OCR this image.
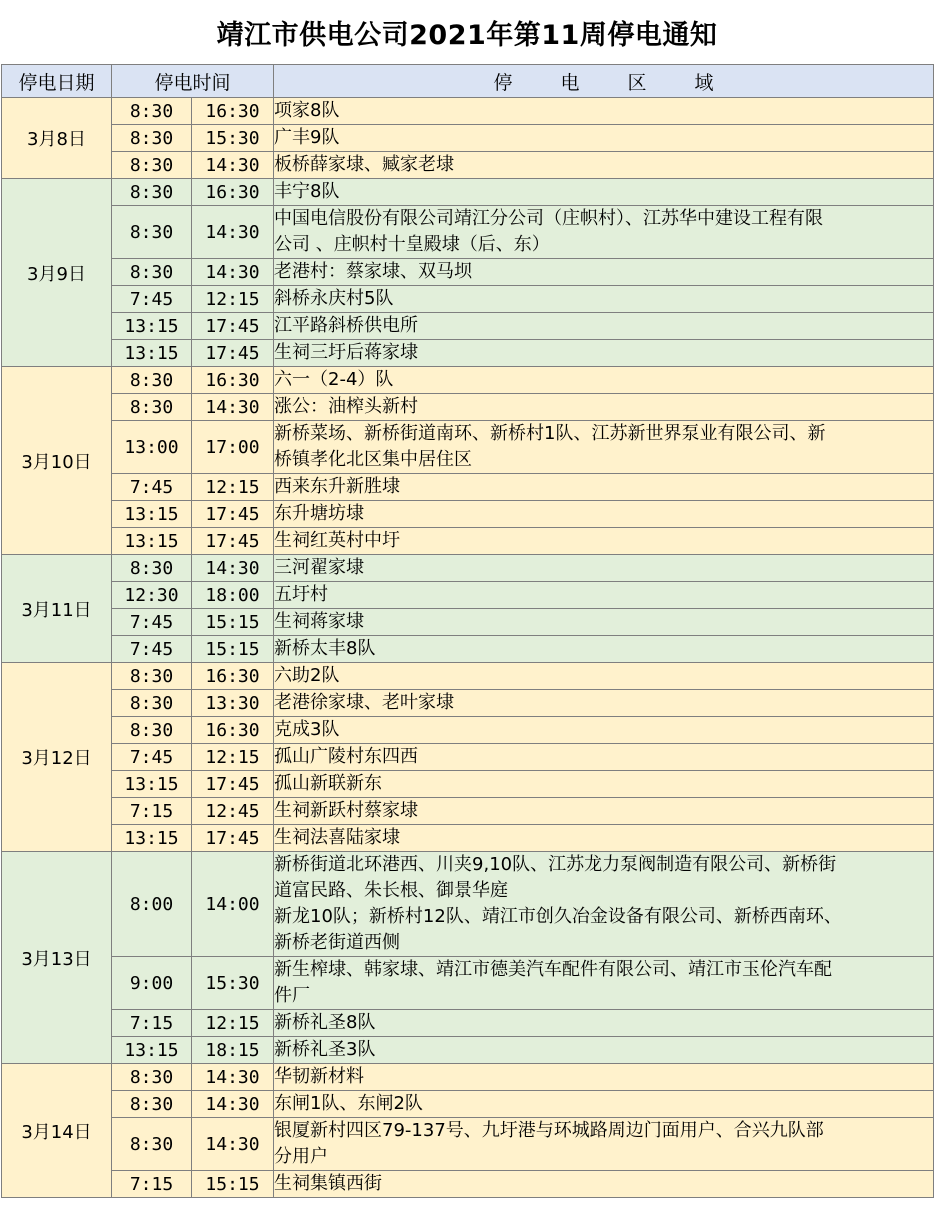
靖江市供电公司2021年第11周停电通知
停电日期	停电时间		停电区域
3月8日	8:30	16:30	项家8队

	8:30	15:30	广丰9队

	8:30	14:30	板桥薛家埭、臧家老埭

3月9日	8:30	16:30	丰宁8队

	8:30	14:30	中国电信股份有限公司靖江分公司（庄帜村）、江苏华中建设工程有限
公司 、庄帜村十皇殿埭（后、东）

	8:30	14:30	老港村：蔡家埭、双马坝

	7:45	12:15	斜桥永庆村5队

	13:15	17:45	江平路斜桥供电所

	13:15	17:45	生祠三圩后蒋家埭

3月10日	8:30	16:30	六一（2-4）队

	8:30	14:30	涨公：油榨头新村

	13:00	17:00	新桥菜场、新桥街道南环、新桥村1队、江苏新世界泵业有限公司、新
桥镇孝化北区集中居住区

	7:45	12:15	西来东升新胜埭

	13:15	17:45	东升塘坊埭

	13:15	17:45	生祠红英村中圩

3月11日	8:30	14:30	三河翟家埭

	12:30	18:00	五圩村

	7:45	15:15	生祠蒋家埭

	7:45	15:15	新桥太丰8队

3月12日	8:30	16:30	六助2队

	8:30	13:30	老港徐家埭、老叶家埭

	8:30	16:30	克成3队

	7:45	12:15	孤山广陵村东四西

	13:15	17:45	孤山新联新东

	7:15	12:45	生祠新跃村蔡家埭

	13:15	17:45	生祠法喜陆家埭

3月13日	8:00	14:00	新桥街道北环港西、川夹9,10队、江苏龙力泵阀制造有限公司、新桥街
道富民路、朱长根、御景华庭
新龙10队；新桥村12队、靖江市创久冶金设备有限公司、新桥西南环、
新桥老街道西侧

	9:00	15:30	新生榨埭、韩家埭、靖江市德美汽车配件有限公司、靖江市玉伦汽车配
件厂

	7:15	12:15	新桥礼圣8队

	13:15	18:15	新桥礼圣3队

3月14日	8:30	14:30	华韧新材料

	8:30	14:30	东闸1队、东闸2队

	8:30	14:30	银厦新村四区79-137号、九圩港与环城路周边门面用户、合兴九队部
分用户

	7:15	15:15	生祠集镇西街
